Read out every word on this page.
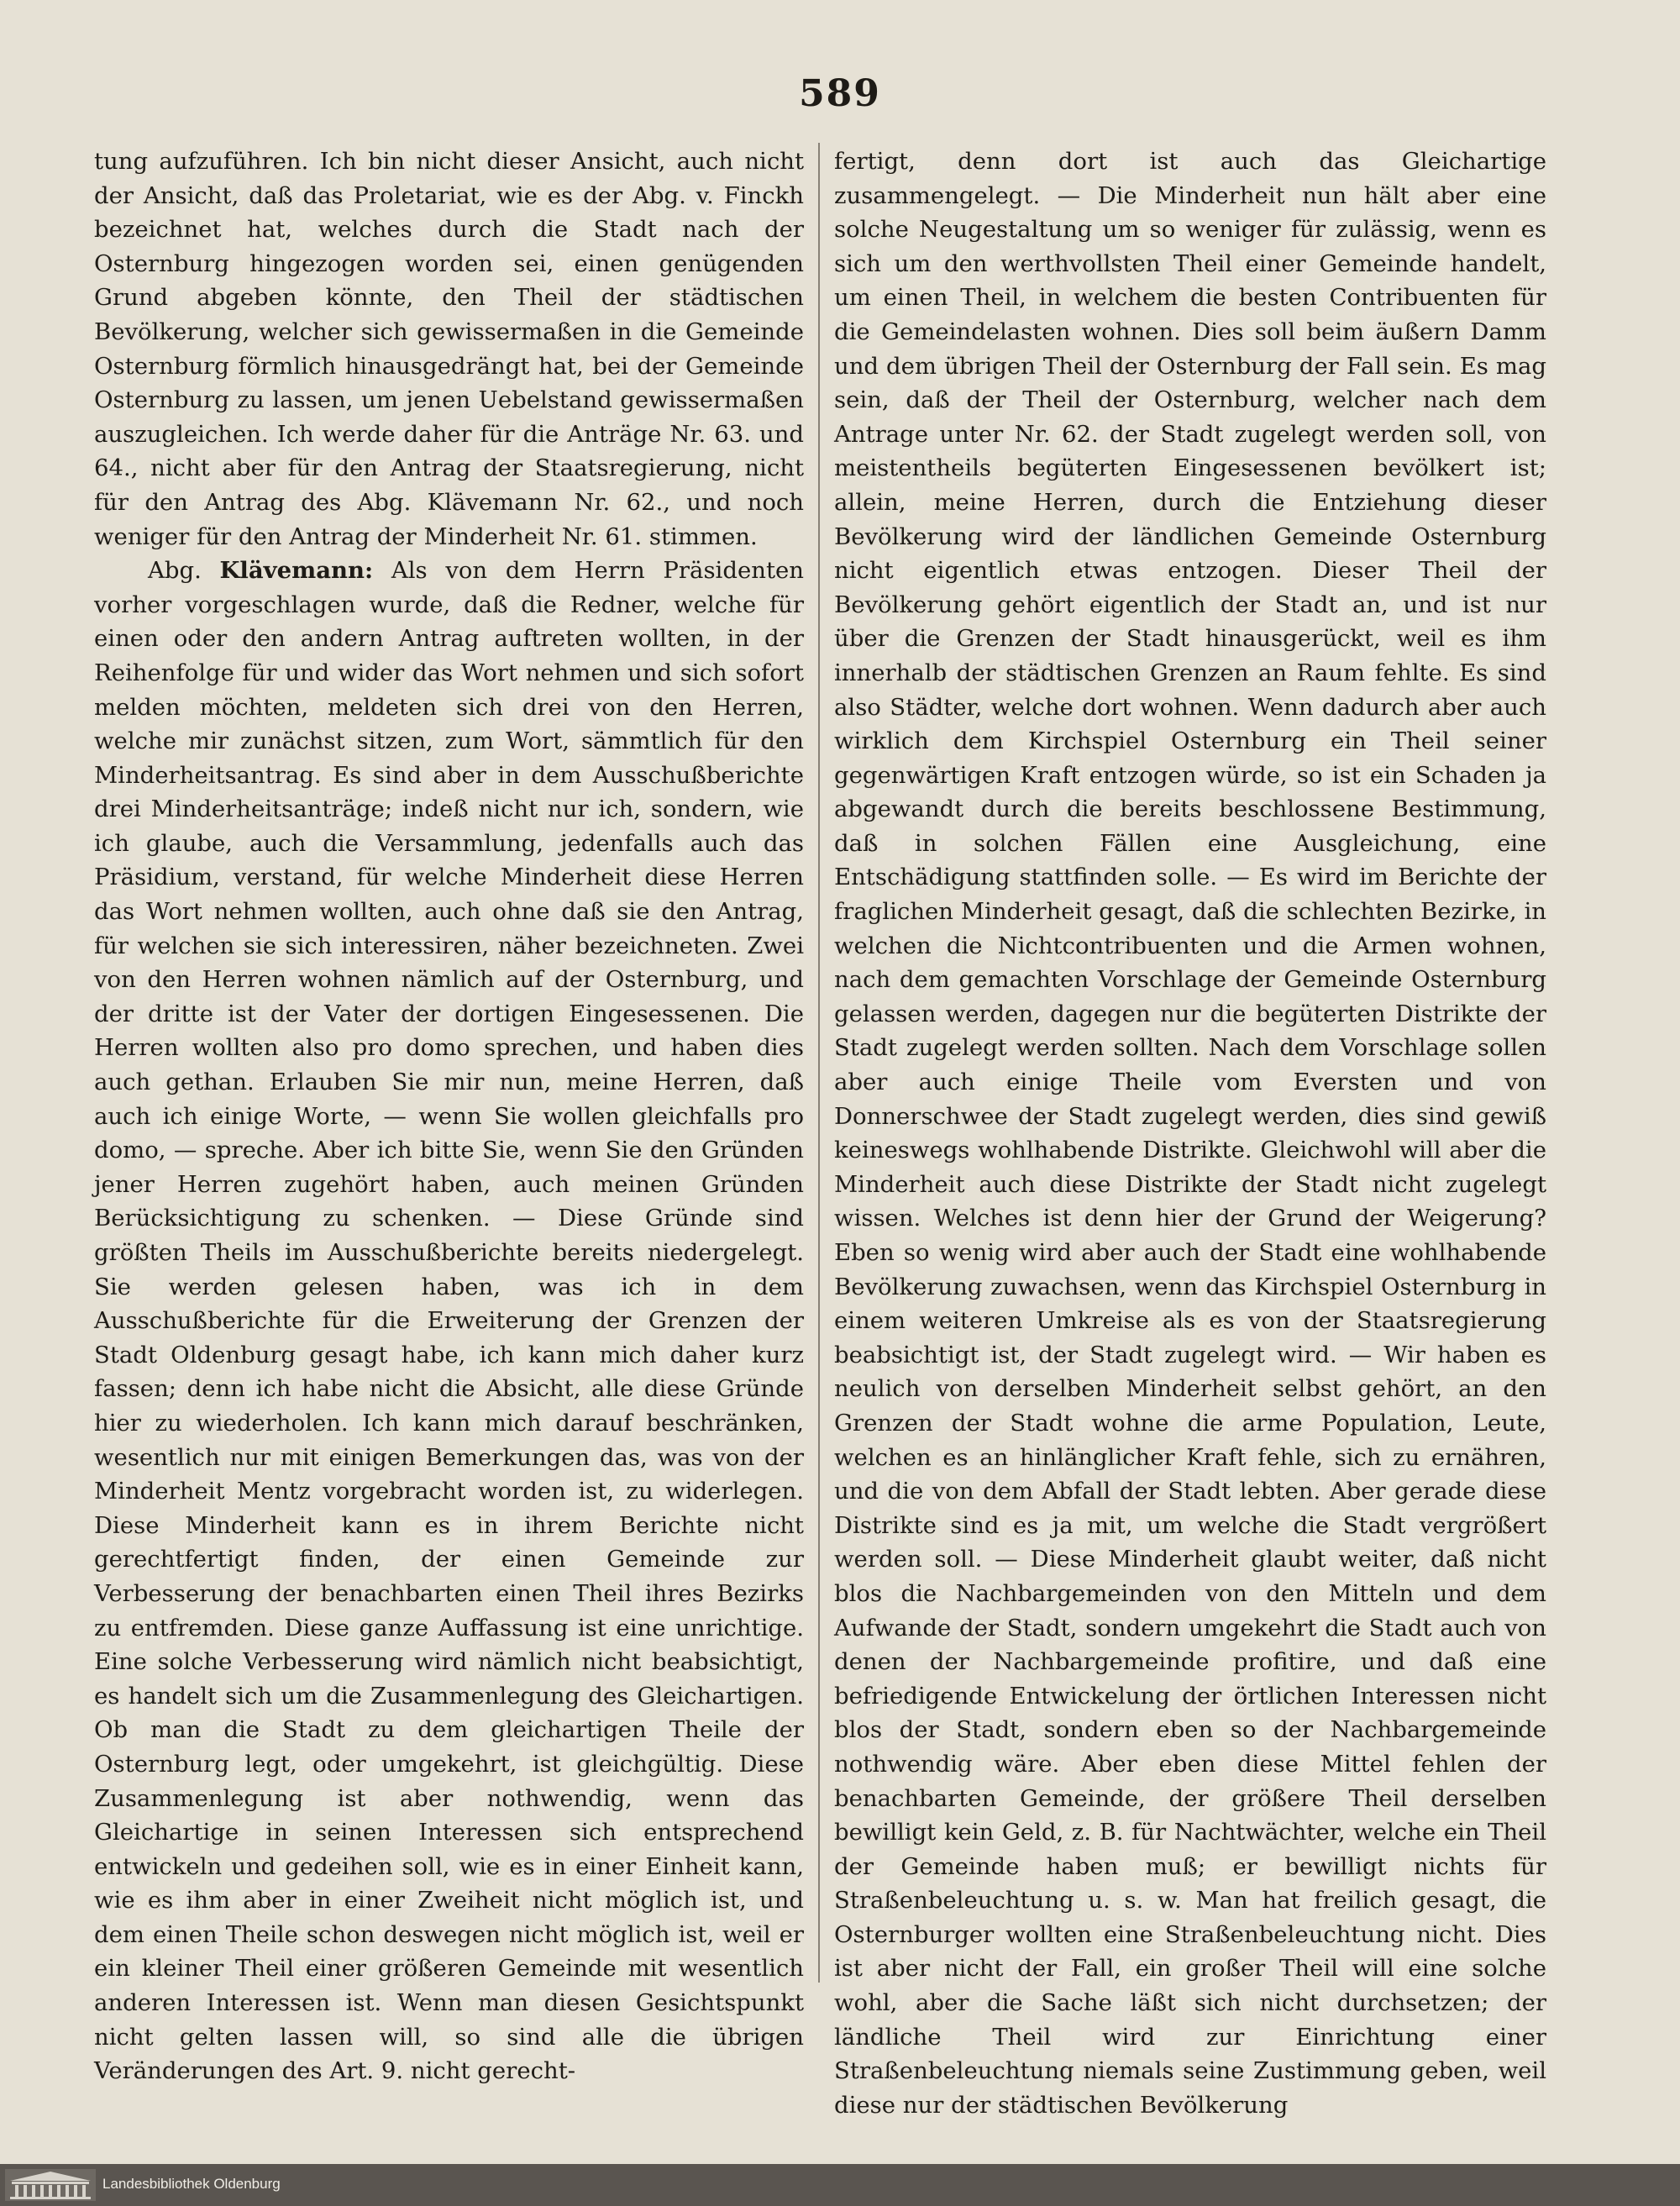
589

tung aufzuführen. Ich bin nicht dieser Ansicht, auch nicht der Ansicht, daß das Proletariat, wie es der Abg. v. Finckh bezeichnet hat, welches durch die Stadt nach der Osternburg hingezogen worden sei, einen genügenden Grund abgeben könnte, den Theil der städtischen Bevölkerung, welcher sich gewissermaßen in die Gemeinde Osternburg förmlich hinausgedrängt hat, bei der Gemeinde Osternburg zu lassen, um jenen Uebelstand gewissermaßen auszugleichen. Ich werde daher für die Anträge Nr. 63. und 64., nicht aber für den Antrag der Staatsregierung, nicht für den Antrag des Abg. Klävemann Nr. 62., und noch weniger für den Antrag der Minderheit Nr. 61. stimmen.

Abg. Klävemann: Als von dem Herrn Präsidenten vorher vorgeschlagen wurde, daß die Redner, welche für einen oder den andern Antrag auftreten wollten, in der Reihenfolge für und wider das Wort nehmen und sich sofort melden möchten, meldeten sich drei von den Herren, welche mir zunächst sitzen, zum Wort, sämmtlich für den Minderheitsantrag. Es sind aber in dem Ausschußberichte drei Minderheitsanträge; indeß nicht nur ich, sondern, wie ich glaube, auch die Versammlung, jedenfalls auch das Präsidium, verstand, für welche Minderheit diese Herren das Wort nehmen wollten, auch ohne daß sie den Antrag, für welchen sie sich interessiren, näher bezeichneten. Zwei von den Herren wohnen nämlich auf der Osternburg, und der dritte ist der Vater der dortigen Eingesessenen. Die Herren wollten also pro domo sprechen, und haben dies auch gethan. Erlauben Sie mir nun, meine Herren, daß auch ich einige Worte, — wenn Sie wollen gleichfalls pro domo, — spreche. Aber ich bitte Sie, wenn Sie den Gründen jener Herren zugehört haben, auch meinen Gründen Berücksichtigung zu schenken. — Diese Gründe sind größten Theils im Ausschußberichte bereits niedergelegt. Sie werden gelesen haben, was ich in dem Ausschußberichte für die Erweiterung der Grenzen der Stadt Oldenburg gesagt habe, ich kann mich daher kurz fassen; denn ich habe nicht die Absicht, alle diese Gründe hier zu wiederholen. Ich kann mich darauf beschränken, wesentlich nur mit einigen Bemerkungen das, was von der Minderheit Mentz vorgebracht worden ist, zu widerlegen. Diese Minderheit kann es in ihrem Berichte nicht gerechtfertigt finden, der einen Gemeinde zur Verbesserung der benachbarten einen Theil ihres Bezirks zu entfremden. Diese ganze Auffassung ist eine unrichtige. Eine solche Verbesserung wird nämlich nicht beabsichtigt, es handelt sich um die Zusammenlegung des Gleichartigen. Ob man die Stadt zu dem gleichartigen Theile der Osternburg legt, oder umgekehrt, ist gleichgültig. Diese Zusammenlegung ist aber nothwendig, wenn das Gleichartige in seinen Interessen sich entsprechend entwickeln und gedeihen soll, wie es in einer Einheit kann, wie es ihm aber in einer Zweiheit nicht möglich ist, und dem einen Theile schon deswegen nicht möglich ist, weil er ein kleiner Theil einer größeren Gemeinde mit wesentlich anderen Interessen ist. Wenn man diesen Gesichtspunkt nicht gelten lassen will, so sind alle die übrigen Veränderungen des Art. 9. nicht gerecht-

fertigt, denn dort ist auch das Gleichartige zusammengelegt. — Die Minderheit nun hält aber eine solche Neugestaltung um so weniger für zulässig, wenn es sich um den werthvollsten Theil einer Gemeinde handelt, um einen Theil, in welchem die besten Contribuenten für die Gemeindelasten wohnen. Dies soll beim äußern Damm und dem übrigen Theil der Osternburg der Fall sein. Es mag sein, daß der Theil der Osternburg, welcher nach dem Antrage unter Nr. 62. der Stadt zugelegt werden soll, von meistentheils begüterten Eingesessenen bevölkert ist; allein, meine Herren, durch die Entziehung dieser Bevölkerung wird der ländlichen Gemeinde Osternburg nicht eigentlich etwas entzogen. Dieser Theil der Bevölkerung gehört eigentlich der Stadt an, und ist nur über die Grenzen der Stadt hinausgerückt, weil es ihm innerhalb der städtischen Grenzen an Raum fehlte. Es sind also Städter, welche dort wohnen. Wenn dadurch aber auch wirklich dem Kirchspiel Osternburg ein Theil seiner gegenwärtigen Kraft entzogen würde, so ist ein Schaden ja abgewandt durch die bereits beschlossene Bestimmung, daß in solchen Fällen eine Ausgleichung, eine Entschädigung stattfinden solle. — Es wird im Berichte der fraglichen Minderheit gesagt, daß die schlechten Bezirke, in welchen die Nichtcontribuenten und die Armen wohnen, nach dem gemachten Vorschlage der Gemeinde Osternburg gelassen werden, dagegen nur die begüterten Distrikte der Stadt zugelegt werden sollten. Nach dem Vorschlage sollen aber auch einige Theile vom Eversten und von Donnerschwee der Stadt zugelegt werden, dies sind gewiß keineswegs wohlhabende Distrikte. Gleichwohl will aber die Minderheit auch diese Distrikte der Stadt nicht zugelegt wissen. Welches ist denn hier der Grund der Weigerung? Eben so wenig wird aber auch der Stadt eine wohlhabende Bevölkerung zuwachsen, wenn das Kirchspiel Osternburg in einem weiteren Umkreise als es von der Staatsregierung beabsichtigt ist, der Stadt zugelegt wird. — Wir haben es neulich von derselben Minderheit selbst gehört, an den Grenzen der Stadt wohne die arme Population, Leute, welchen es an hinlänglicher Kraft fehle, sich zu ernähren, und die von dem Abfall der Stadt lebten. Aber gerade diese Distrikte sind es ja mit, um welche die Stadt vergrößert werden soll. — Diese Minderheit glaubt weiter, daß nicht blos die Nachbargemeinden von den Mitteln und dem Aufwande der Stadt, sondern umgekehrt die Stadt auch von denen der Nachbargemeinde profitire, und daß eine befriedigende Entwickelung der örtlichen Interessen nicht blos der Stadt, sondern eben so der Nachbargemeinde nothwendig wäre. Aber eben diese Mittel fehlen der benachbarten Gemeinde, der größere Theil derselben bewilligt kein Geld, z. B. für Nachtwächter, welche ein Theil der Gemeinde haben muß; er bewilligt nichts für Straßenbeleuchtung u. s. w. Man hat freilich gesagt, die Osternburger wollten eine Straßenbeleuchtung nicht. Dies ist aber nicht der Fall, ein großer Theil will eine solche wohl, aber die Sache läßt sich nicht durchsetzen; der ländliche Theil wird zur Einrichtung einer Straßenbeleuchtung niemals seine Zustimmung geben, weil diese nur der städtischen Bevölkerung

Landesbibliothek Oldenburg
